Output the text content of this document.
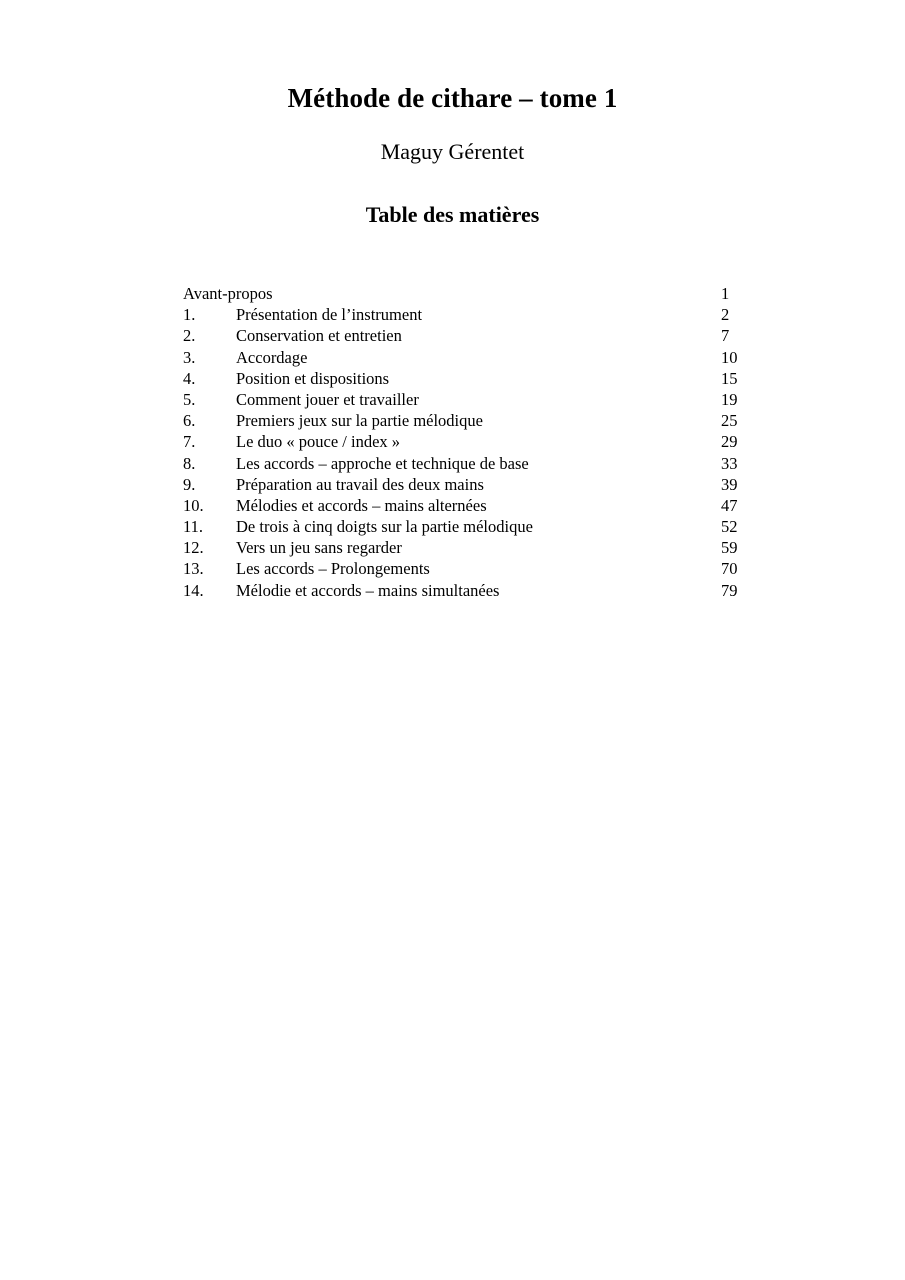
Méthode de cithare – tome 1
Maguy Gérentet
Table des matières
Avant-propos	1
1. Présentation de l’instrument	2
2. Conservation et entretien	7
3. Accordage	10
4. Position et dispositions	15
5. Comment jouer et travailler	19
6. Premiers jeux sur la partie mélodique	25
7. Le duo « pouce / index »	29
8.Les accords – approche et technique de base	33
9.Préparation au travail des deux mains	39
10. Mélodies et accords – mains alternées	47
11.De trois à cinq doigts sur la partie mélodique	52
12. Vers un jeu sans regarder	59
13. Les accords – Prolongements	70
14. Mélodie et accords – mains simultanées	79
